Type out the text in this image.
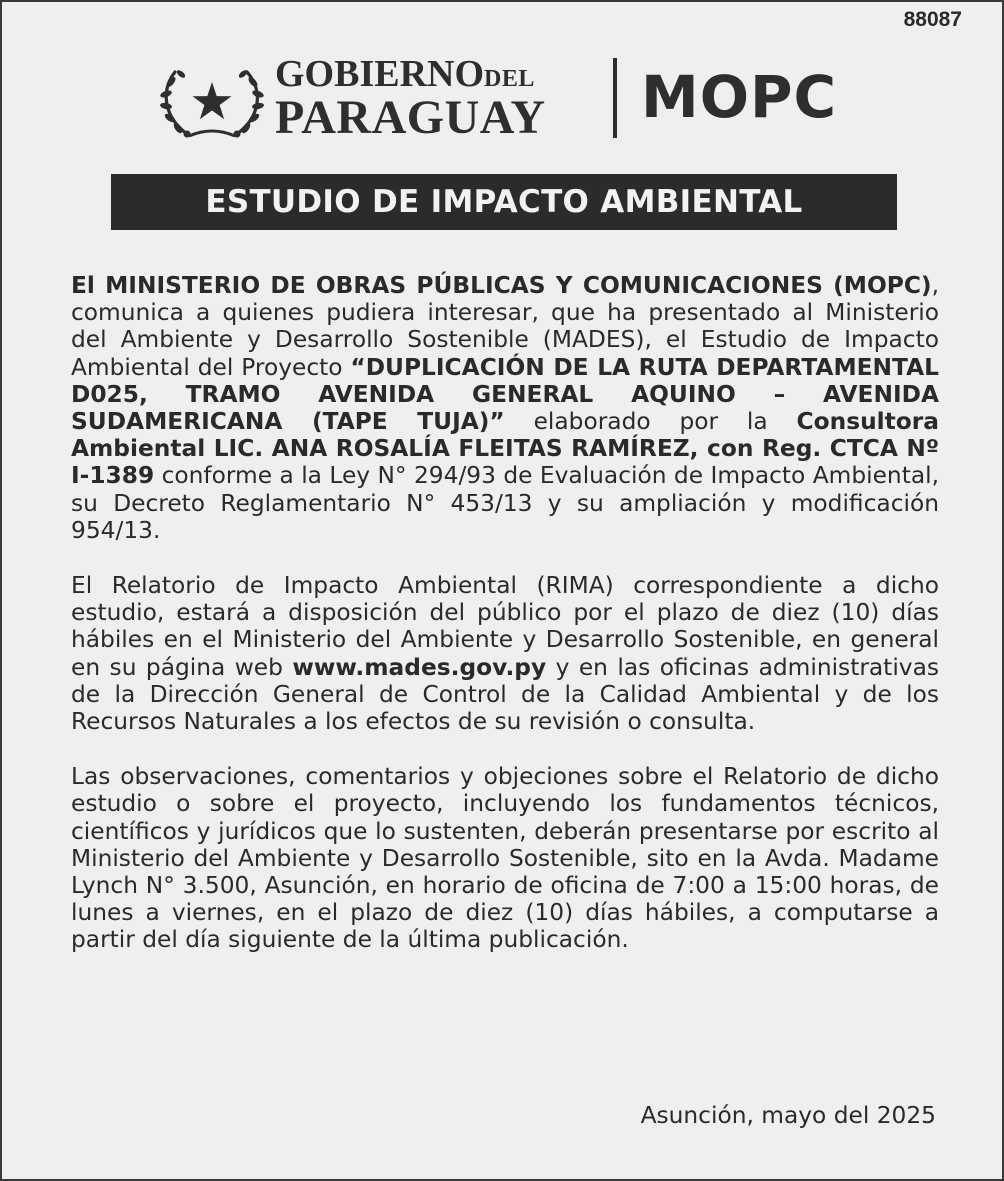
88087
GOBIERNODEL
PARAGUAY MOPC
ESTUDIO DE IMPACTO AMBIENTAL

El MINISTERIO DE OBRAS PÚBLICAS Y COMUNICACIONES (MOPC), comunica a quienes pudiera interesar, que ha presentado al Ministerio del Ambiente y Desarrollo Sostenible (MADES), el Estudio de Impacto Ambiental del Proyecto “DUPLICACIÓN DE LA RUTA DEPARTAMENTAL D025, TRAMO AVENIDA GENERAL AQUINO – AVENIDA SUDAMERICANA (TAPE TUJA)” elaborado por la Consultora Ambiental LIC. ANA ROSALÍA FLEITAS RAMÍREZ, con Reg. CTCA Nº I-1389 conforme a la Ley N° 294/93 de Evaluación de Impacto Ambiental, su Decreto Reglamentario N° 453/13 y su ampliación y modificación 954/13.

El Relatorio de Impacto Ambiental (RIMA) correspondiente a dicho estudio, estará a disposición del público por el plazo de diez (10) días hábiles en el Ministerio del Ambiente y Desarrollo Sostenible, en general en su página web www.mades.gov.py y en las oficinas administrativas de la Dirección General de Control de la Calidad Ambiental y de los Recursos Naturales a los efectos de su revisión o consulta.

Las observaciones, comentarios y objeciones sobre el Relatorio de dicho estudio o sobre el proyecto, incluyendo los fundamentos técnicos, científicos y jurídicos que lo sustenten, deberán presentarse por escrito al Ministerio del Ambiente y Desarrollo Sostenible, sito en la Avda. Madame Lynch N° 3.500, Asunción, en horario de oficina de 7:00 a 15:00 horas, de lunes a viernes, en el plazo de diez (10) días hábiles, a computarse a partir del día siguiente de la última publicación.

Asunción, mayo del 2025
